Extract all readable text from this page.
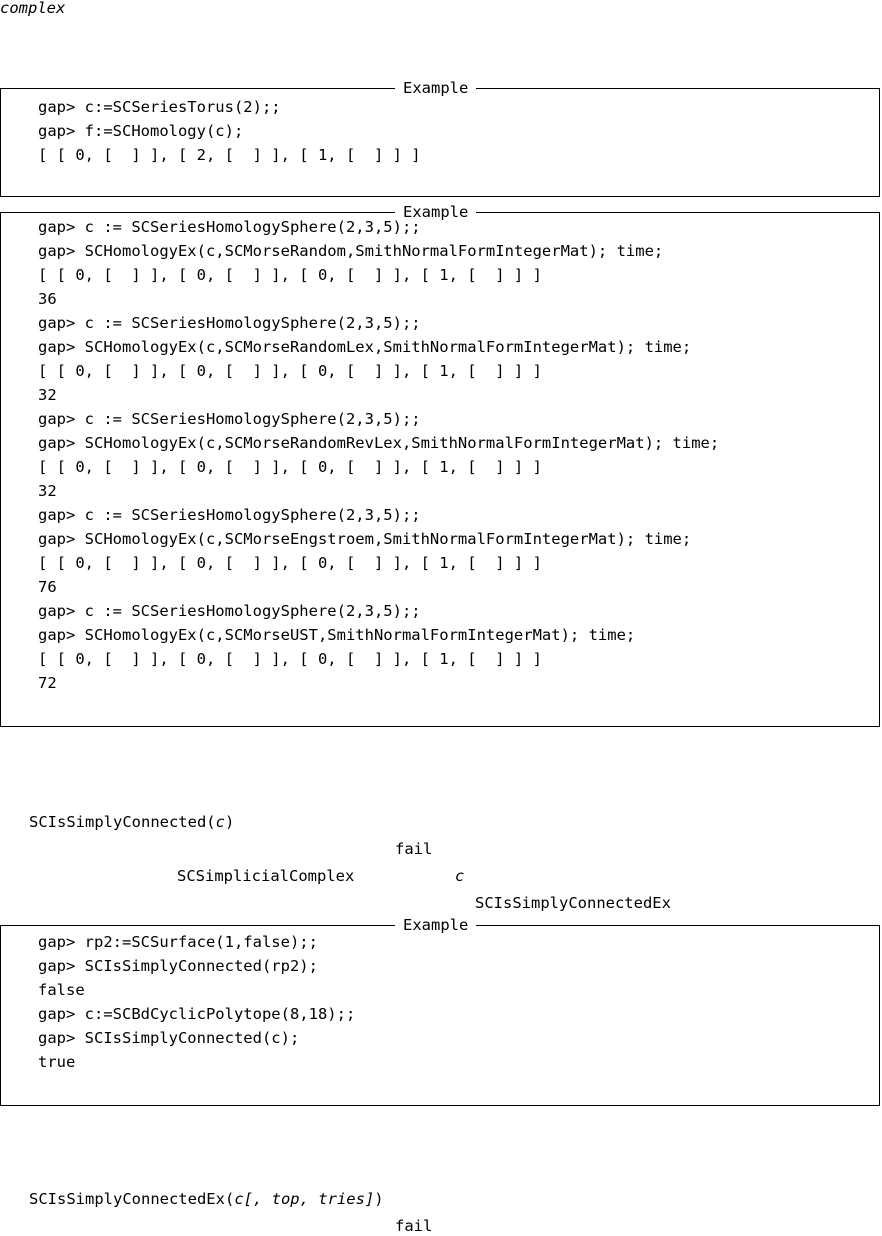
complex
Example
gap> c:=SCSeriesTorus(2);;
gap> f:=SCHomology(c);
[ [ 0, [  ] ], [ 2, [  ] ], [ 1, [  ] ] ]
Example
gap> c := SCSeriesHomologySphere(2,3,5);;
gap> SCHomologyEx(c,SCMorseRandom,SmithNormalFormIntegerMat); time;
[ [ 0, [  ] ], [ 0, [  ] ], [ 0, [  ] ], [ 1, [  ] ] ]
36
gap> c := SCSeriesHomologySphere(2,3,5);;
gap> SCHomologyEx(c,SCMorseRandomLex,SmithNormalFormIntegerMat); time;
[ [ 0, [  ] ], [ 0, [  ] ], [ 0, [  ] ], [ 1, [  ] ] ]
32
gap> c := SCSeriesHomologySphere(2,3,5);;
gap> SCHomologyEx(c,SCMorseRandomRevLex,SmithNormalFormIntegerMat); time;
[ [ 0, [  ] ], [ 0, [  ] ], [ 0, [  ] ], [ 1, [  ] ] ]
32
gap> c := SCSeriesHomologySphere(2,3,5);;
gap> SCHomologyEx(c,SCMorseEngstroem,SmithNormalFormIntegerMat); time;
[ [ 0, [  ] ], [ 0, [  ] ], [ 0, [  ] ], [ 1, [  ] ] ]
76
gap> c := SCSeriesHomologySphere(2,3,5);;
gap> SCHomologyEx(c,SCMorseUST,SmithNormalFormIntegerMat); time;
[ [ 0, [  ] ], [ 0, [  ] ], [ 0, [  ] ], [ 1, [  ] ] ]
72
SCIsSimplyConnected(c)
fail
SCSimplicialComplex	c
SCIsSimplyConnectedEx
Example
gap> rp2:=SCSurface(1,false);;
gap> SCIsSimplyConnected(rp2);
false
gap> c:=SCBdCyclicPolytope(8,18);;
gap> SCIsSimplyConnected(c);
true
SCIsSimplyConnectedEx(c[, top, tries])
fail
